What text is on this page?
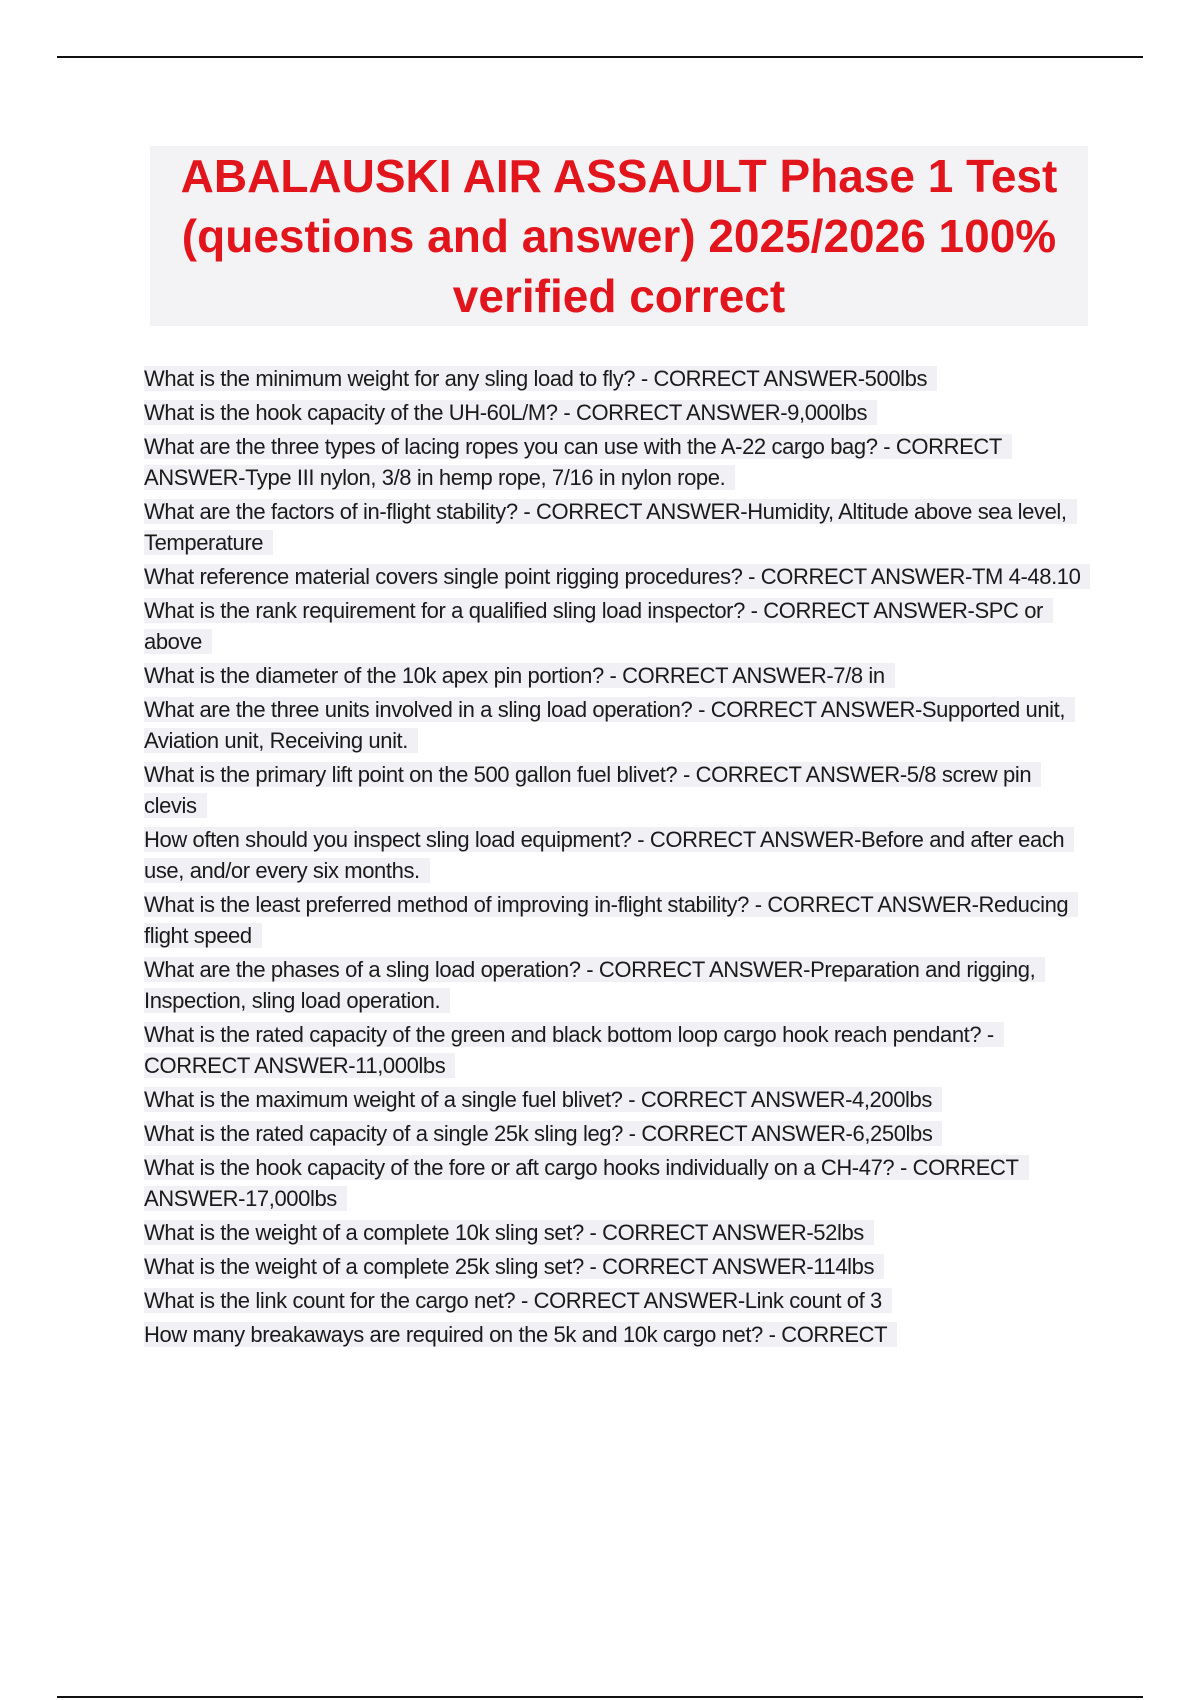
ABALAUSKI AIR ASSAULT Phase 1 Test (questions and answer) 2025/2026 100% verified correct
What is the minimum weight for any sling load to fly? - CORRECT ANSWER-500lbs
What is the hook capacity of the UH-60L/M? - CORRECT ANSWER-9,000lbs
What are the three types of lacing ropes you can use with the A-22 cargo bag? - CORRECT ANSWER-Type III nylon, 3/8 in hemp rope, 7/16 in nylon rope.
What are the factors of in-flight stability? - CORRECT ANSWER-Humidity, Altitude above sea level, Temperature
What reference material covers single point rigging procedures? - CORRECT ANSWER-TM 4-48.10
What is the rank requirement for a qualified sling load inspector? - CORRECT ANSWER-SPC or above
What is the diameter of the 10k apex pin portion? - CORRECT ANSWER-7/8 in
What are the three units involved in a sling load operation? - CORRECT ANSWER-Supported unit, Aviation unit, Receiving unit.
What is the primary lift point on the 500 gallon fuel blivet? - CORRECT ANSWER-5/8 screw pin clevis
How often should you inspect sling load equipment? - CORRECT ANSWER-Before and after each use, and/or every six months.
What is the least preferred method of improving in-flight stability? - CORRECT ANSWER-Reducing flight speed
What are the phases of a sling load operation? - CORRECT ANSWER-Preparation and rigging, Inspection, sling load operation.
What is the rated capacity of the green and black bottom loop cargo hook reach pendant? - CORRECT ANSWER-11,000lbs
What is the maximum weight of a single fuel blivet? - CORRECT ANSWER-4,200lbs
What is the rated capacity of a single 25k sling leg? - CORRECT ANSWER-6,250lbs
What is the hook capacity of the fore or aft cargo hooks individually on a CH-47? - CORRECT ANSWER-17,000lbs
What is the weight of a complete 10k sling set? - CORRECT ANSWER-52lbs
What is the weight of a complete 25k sling set? - CORRECT ANSWER-114lbs
What is the link count for the cargo net? - CORRECT ANSWER-Link count of 3
How many breakaways are required on the 5k and 10k cargo net? - CORRECT
